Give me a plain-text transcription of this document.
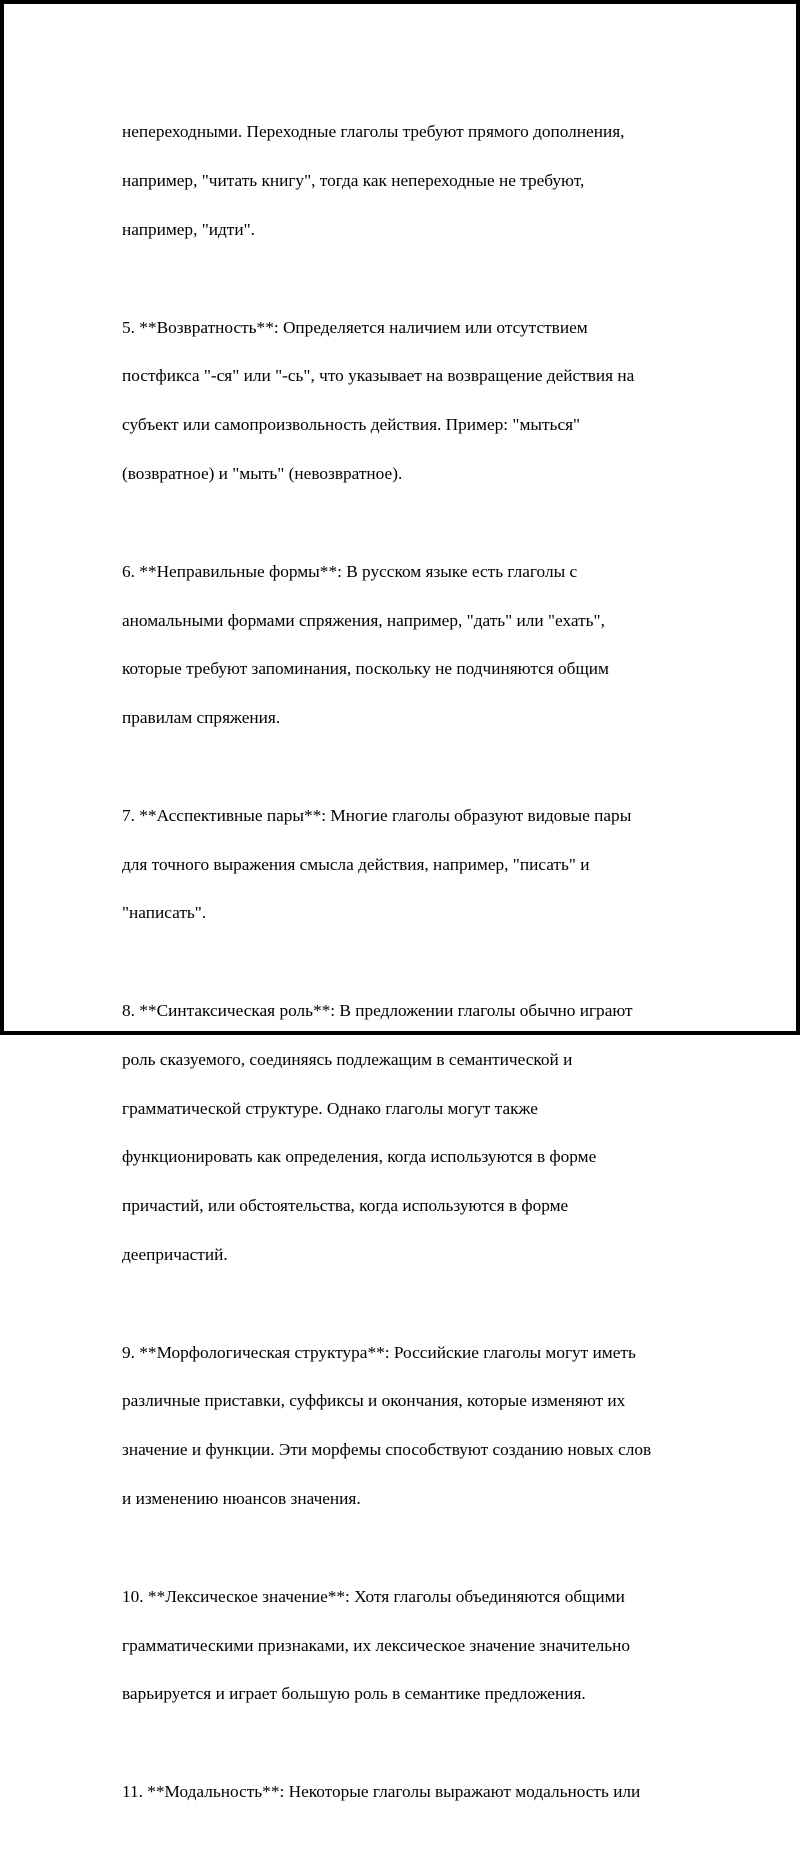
непереходными. Переходные глаголы требуют прямого дополнения,

например, "читать книгу", тогда как непереходные не требуют,

например, "идти".

5. **Возвратность**: Определяется наличием или отсутствием

постфикса "-ся" или "-сь", что указывает на возвращение действия на

субъект или самопроизвольность действия. Пример: "мыться"

(возвратное) и "мыть" (невозвратное).

6. **Неправильные формы**: В русском языке есть глаголы с

аномальными формами спряжения, например, "дать" или "ехать",

которые требуют запоминания, поскольку не подчиняются общим

правилам спряжения.

7. **Асспективные пары**: Многие глаголы образуют видовые пары

для точного выражения смысла действия, например, "писать" и

"написать".

8. **Синтаксическая роль**: В предложении глаголы обычно играют

роль сказуемого, соединяясь подлежащим в семантической и

грамматической структуре. Однако глаголы могут также

функционировать как определения, когда используются в форме

причастий, или обстоятельства, когда используются в форме

деепричастий.

9. **Морфологическая структура**: Российские глаголы могут иметь

различные приставки, суффиксы и окончания, которые изменяют их

значение и функции. Эти морфемы способствуют созданию новых слов

и изменению нюансов значения.

10. **Лексическое значение**: Хотя глаголы объединяются общими

грамматическими признаками, их лексическое значение значительно

варьируется и играет большую роль в семантике предложения.

11. **Модальность**: Некоторые глаголы выражают модальность или
